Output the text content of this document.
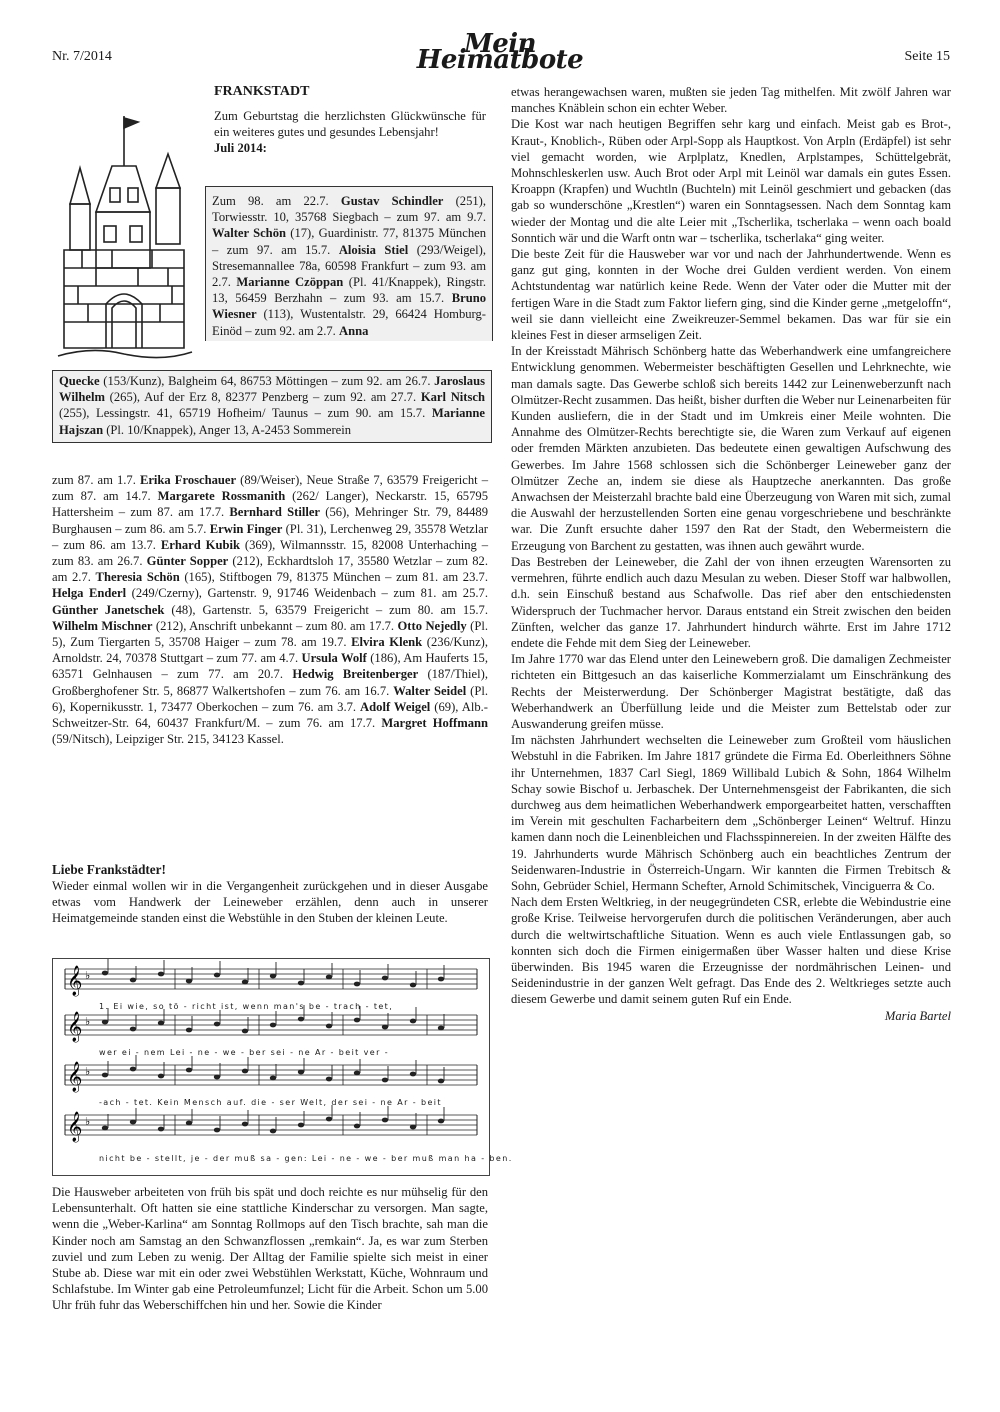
Nr. 7/2014	Mein Heimatbote	Seite 15
FRANKSTADT

Zum Geburtstag die herzlichsten Glückwünsche für ein weiteres gutes und gesundes Lebensjahr!

Juli 2014:

Zum 98. am 22.7. Gustav Schindler (251), Torwiesstr. 10, 35768 Siegbach – zum 97. am 9.7. Walter Schön (17), Guardinistr. 77, 81375 München – zum 97. am 15.7. Aloisia Stiel (293/Weigel), Stresemannallee 78a, 60598 Frankfurt – zum 93. am 2.7. Marianne Czöppan (Pl. 41/Knappek), Ringstr. 13, 56459 Berzhahn – zum 93. am 15.7. Bruno Wiesner (113), Wustentalstr. 29, 66424 Homburg-Einöd – zum 92. am 2.7. Anna

Quecke (153/Kunz), Balgheim 64, 86753 Möttingen – zum 92. am 26.7. Jaroslaus Wilhelm (265), Auf der Erz 8, 82377 Penzberg – zum 92. am 27.7. Karl Nitsch (255), Lessingstr. 41, 65719 Hofheim/ Taunus – zum 90. am 15.7. Marianne Hajszan (Pl. 10/Knappek), Anger 13, A-2453 Sommerein

zum 87. am 1.7. Erika Froschauer (89/Weiser), Neue Straße 7, 63579 Freigericht – zum 87. am 14.7. Margarete Rossmanith (262/ Langer), Neckarstr. 15, 65795 Hattersheim – zum 87. am 17.7. Bernhard Stiller (56), Mehringer Str. 79, 84489 Burghausen – zum 86. am 5.7. Erwin Finger (Pl. 31), Lerchenweg 29, 35578 Wetzlar – zum 86. am 13.7. Erhard Kubik (369), Wilmannsstr. 15, 82008 Unterhaching – zum 83. am 26.7. Günter Sopper (212), Eckhardtsloh 17, 35580 Wetzlar – zum 82. am 2.7. Theresia Schön (165), Stiftbogen 79, 81375 München – zum 81. am 23.7. Helga Enderl (249/Czerny), Gartenstr. 9, 91746 Weidenbach – zum 81. am 25.7. Günther Janetschek (48), Gartenstr. 5, 63579 Freigericht – zum 80. am 15.7. Wilhelm Mischner (212), Anschrift unbekannt – zum 80. am 17.7. Otto Nejedly (Pl. 5), Zum Tiergarten 5, 35708 Haiger – zum 78. am 19.7. Elvira Klenk (236/Kunz), Arnoldstr. 24, 70378 Stuttgart – zum 77. am 4.7. Ursula Wolf (186), Am Hauferts 15, 63571 Gelnhausen – zum 77. am 20.7. Hedwig Breitenberger (187/Thiel), Großberghofener Str. 5, 86877 Walkertshofen – zum 76. am 16.7. Walter Seidel (Pl. 6), Kopernikusstr. 1, 73477 Oberkochen – zum 76. am 3.7. Adolf Weigel (69), Alb.-Schweitzer-Str. 64, 60437 Frankfurt/M. – zum 76. am 17.7. Margret Hoffmann (59/Nitsch), Leipziger Str. 215, 34123 Kassel.

Liebe Frankstädter!
Wieder einmal wollen wir in die Vergangenheit zurückgehen und in dieser Ausgabe etwas vom Handwerk der Leineweber erzählen, denn auch in unserer Heimatgemeinde standen einst die Webstühle in den Stuben der kleinen Leute.
𝄞 ♭
𝄞 ♭
𝄞 ♭
𝄞 ♭
1. Ei wie, so tö - richt ist, wenn man's be - trach - tet,
wer ei - nem Lei - ne - we - ber sei - ne Ar - beit ver -
-ach - tet. Kein Mensch auf. die - ser Welt, der sei - ne Ar - beit
nicht be - stellt, je - der muß sa - gen: Lei - ne - we - ber muß man ha - ben.
Die Hausweber arbeiteten von früh bis spät und doch reichte es nur mühselig für den Lebensunterhalt. Oft hatten sie eine stattliche Kinderschar zu versorgen. Man sagte, wenn die „Weber-Karlina“ am Sonntag Rollmops auf den Tisch brachte, sah man die Kinder noch am Samstag an den Schwanzflossen „remkain“. Ja, es war zum Sterben zuviel und zum Leben zu wenig. Der Alltag der Familie spielte sich meist in einer Stube ab. Diese war mit ein oder zwei Webstühlen Werkstatt, Küche, Wohnraum und Schlafstube. Im Winter gab eine Petroleumfunzel; Licht für die Arbeit. Schon um 5.00 Uhr früh fuhr das Weberschiffchen hin und her. Sowie die Kinder

etwas herangewachsen waren, mußten sie jeden Tag mithelfen. Mit zwölf Jahren war manches Knäblein schon ein echter Weber.

Die Kost war nach heutigen Begriffen sehr karg und einfach. Meist gab es Brot-, Kraut-, Knoblich-, Rüben oder Arpl-Sopp als Hauptkost. Von Arpln (Erdäpfel) ist sehr viel gemacht worden, wie Arplplatz, Knedlen, Arplstampes, Schüttelgebrät, Mohnschleskerlen usw. Auch Brot oder Arpl mit Leinöl war damals ein gutes Essen. Kroappn (Krapfen) und Wuchtln (Buchteln) mit Leinöl geschmiert und gebacken (das gab so wunderschöne „Krestlen“) waren ein Sonntagsessen. Nach dem Sonntag kam wieder der Montag und die alte Leier mit „Tscherlika, tscherlaka – wenn oach boald Sonntich wär und die Warft ontn war – tscherlika, tscherlaka“ ging weiter.

Die beste Zeit für die Hausweber war vor und nach der Jahrhundertwende. Wenn es ganz gut ging, konnten in der Woche drei Gulden verdient werden. Von einem Achtstundentag war natürlich keine Rede. Wenn der Vater oder die Mutter mit der fertigen Ware in die Stadt zum Faktor liefern ging, sind die Kinder gerne „metgeloffn“, weil sie dann vielleicht eine Zweikreuzer-Semmel bekamen. Das war für sie ein kleines Fest in dieser armseligen Zeit.

In der Kreisstadt Mährisch Schönberg hatte das Weberhandwerk eine umfangreichere Entwicklung genommen. Webermeister beschäftigten Gesellen und Lehrknechte, wie man damals sagte. Das Gewerbe schloß sich bereits 1442 zur Leinenweberzunft nach Olmützer-Recht zusammen. Das heißt, bisher durften die Weber nur Leinenarbeiten für Kunden ausliefern, die in der Stadt und im Umkreis einer Meile wohnten. Die Annahme des Olmützer-Rechts berechtigte sie, die Waren zum Verkauf auf eigenen oder fremden Märkten anzubieten. Das bedeutete einen gewaltigen Aufschwung des Gewerbes. Im Jahre 1568 schlossen sich die Schönberger Leineweber ganz der Olmützer Zeche an, indem sie diese als Hauptzeche anerkannten. Das große Anwachsen der Meisterzahl brachte bald eine Überzeugung von Waren mit sich, zumal die Auswahl der herzustellenden Sorten eine genau vorgeschriebene und beschränkte war. Die Zunft ersuchte daher 1597 den Rat der Stadt, den Webermeistern die Erzeugung von Barchent zu gestatten, was ihnen auch gewährt wurde.

Das Bestreben der Leineweber, die Zahl der von ihnen erzeugten Warensorten zu vermehren, führte endlich auch dazu Mesulan zu weben. Dieser Stoff war halbwollen, d.h. sein Einschuß bestand aus Schafwolle. Das rief aber den entschiedensten Widerspruch der Tuchmacher hervor. Daraus entstand ein Streit zwischen den beiden Zünften, welcher das ganze 17. Jahrhundert hindurch währte. Erst im Jahre 1712 endete die Fehde mit dem Sieg der Leineweber.

Im Jahre 1770 war das Elend unter den Leinewebern groß. Die damaligen Zechmeister richteten ein Bittgesuch an das kaiserliche Kommerzialamt um Einschränkung des Rechts der Meisterwerdung. Der Schönberger Magistrat bestätigte, daß das Weberhandwerk an Überfüllung leide und die Meister zum Bettelstab oder zur Auswanderung greifen müsse.

Im nächsten Jahrhundert wechselten die Leineweber zum Großteil vom häuslichen Webstuhl in die Fabriken. Im Jahre 1817 gründete die Firma Ed. Oberleithners Söhne ihr Unternehmen, 1837 Carl Siegl, 1869 Willibald Lubich & Sohn, 1864 Wilhelm Schay sowie Bischof u. Jerbaschek. Der Unternehmensgeist der Fabrikanten, die sich durchweg aus dem heimatlichen Weberhandwerk emporgearbeitet hatten, verschafften im Verein mit geschulten Facharbeitern dem „Schönberger Leinen“ Weltruf. Hinzu kamen dann noch die Leinenbleichen und Flachsspinnereien. In der zweiten Hälfte des 19. Jahrhunderts wurde Mährisch Schönberg auch ein beachtliches Zentrum der Seidenwaren-Industrie in Österreich-Ungarn. Wir kannten die Firmen Trebitsch & Sohn, Gebrüder Schiel, Hermann Schefter, Arnold Schimitschek, Vinciguerra & Co.

Nach dem Ersten Weltkrieg, in der neugegründeten CSR, erlebte die Webindustrie eine große Krise. Teilweise hervorgerufen durch die politischen Veränderungen, aber auch durch die weltwirtschaftliche Situation. Wenn es auch viele Entlassungen gab, so konnten sich doch die Firmen einigermaßen über Wasser halten und diese Krise überwinden. Bis 1945 waren die Erzeugnisse der nordmährischen Leinen- und Seidenindustrie in der ganzen Welt gefragt. Das Ende des 2. Weltkrieges setzte auch diesem Gewerbe und damit seinem guten Ruf ein Ende.

Maria Bartel
